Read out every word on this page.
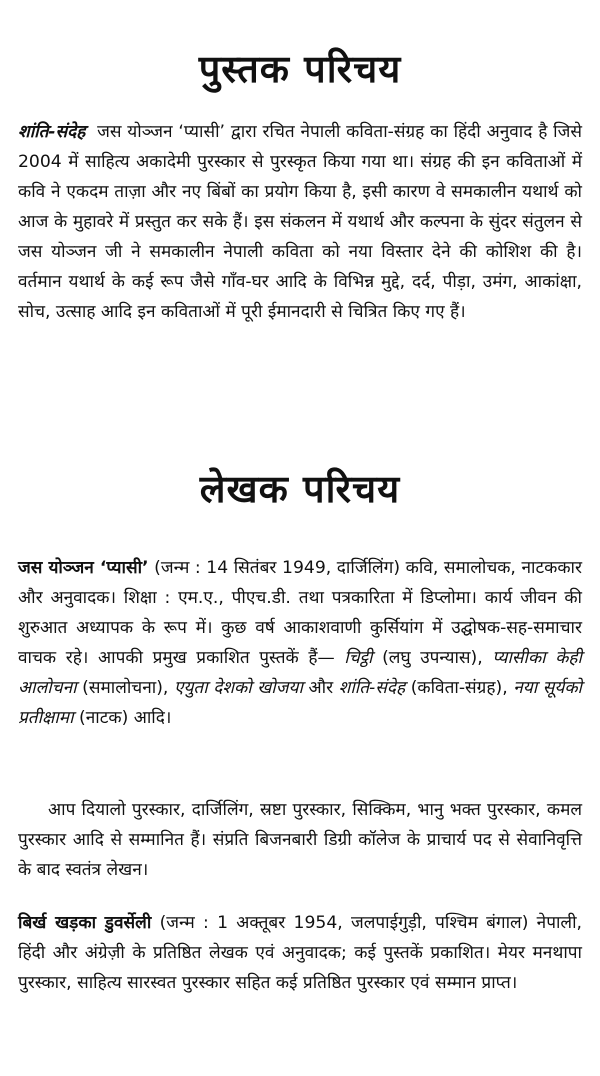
पुस्तक परिचय

शांति-संदेह जस योञ्जन ‘प्यासी’ द्वारा रचित नेपाली कविता-संग्रह का हिंदी अनुवाद है जिसे 2004 में साहित्य अकादेमी पुरस्कार से पुरस्कृत किया गया था। संग्रह की इन कविताओं में कवि ने एकदम ताज़ा और नए बिंबों का प्रयोग किया है, इसी कारण वे समकालीन यथार्थ को आज के मुहावरे में प्रस्तुत कर सके हैं। इस संकलन में यथार्थ और कल्पना के सुंदर संतुलन से जस योञ्जन जी ने समकालीन नेपाली कविता को नया विस्तार देने की कोशिश की है। वर्तमान यथार्थ के कई रूप जैसे गाँव-घर आदि के विभिन्न मुद्दे, दर्द, पीड़ा, उमंग, आकांक्षा, सोच, उत्साह आदि इन कविताओं में पूरी ईमानदारी से चित्रित किए गए हैं।

लेखक परिचय

जस योञ्जन ‘प्यासी’ (जन्म : 14 सितंबर 1949, दार्जिलिंग) कवि, समालोचक, नाटककार और अनुवादक। शिक्षा : एम.ए., पीएच.डी. तथा पत्रकारिता में डिप्लोमा। कार्य जीवन की शुरुआत अध्यापक के रूप में। कुछ वर्ष आकाशवाणी कुर्सियांग में उद्घोषक-सह-समाचार वाचक रहे। आपकी प्रमुख प्रकाशित पुस्तकें हैं— चिट्ठी (लघु उपन्यास), प्यासीका केही आलोचना (समालोचना), एयुता देशको खोजया और शांति-संदेह (कविता-संग्रह), नया सूर्यको प्रतीक्षामा (नाटक) आदि।

आप दियालो पुरस्कार, दार्जिलिंग, स्रष्टा पुरस्कार, सिक्किम, भानु भक्त पुरस्कार, कमल पुरस्कार आदि से सम्मानित हैं। संप्रति बिजनबारी डिग्री कॉलेज के प्राचार्य पद से सेवानिवृत्ति के बाद स्वतंत्र लेखन।

बिर्ख खड़का डुवर्सेली (जन्म : 1 अक्तूबर 1954, जलपाईगुड़ी, पश्चिम बंगाल) नेपाली, हिंदी और अंग्रेज़ी के प्रतिष्ठित लेखक एवं अनुवादक; कई पुस्तकें प्रकाशित। मेयर मनथापा पुरस्कार, साहित्य सारस्वत पुरस्कार सहित कई प्रतिष्ठित पुरस्कार एवं सम्मान प्राप्त।
